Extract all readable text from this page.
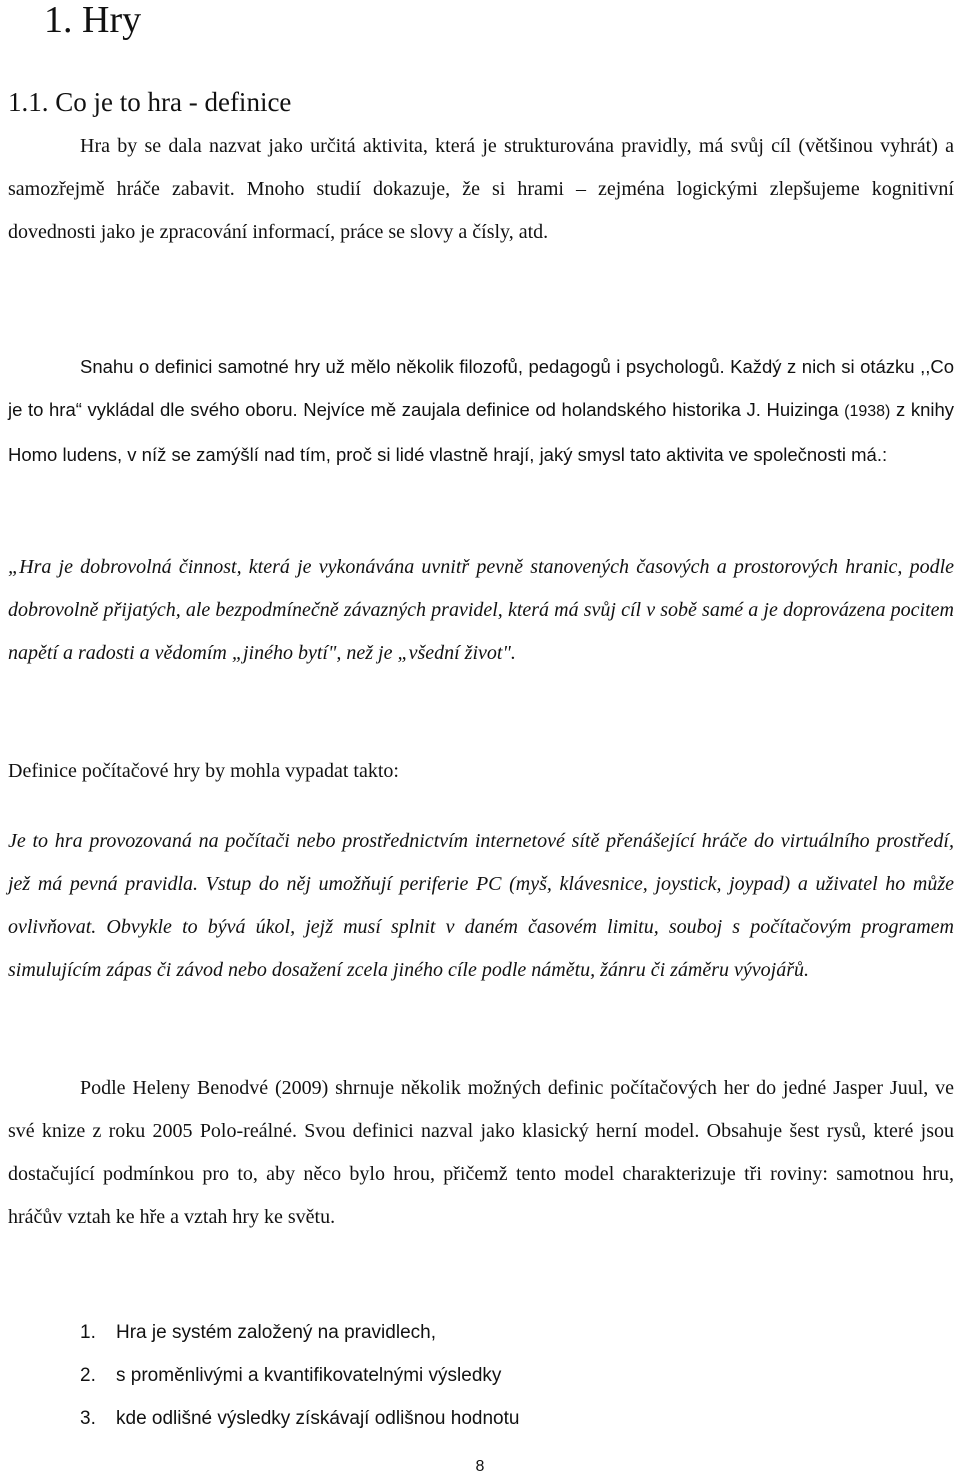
1. Hry
1.1. Co je to hra - definice

Hra by se dala nazvat jako určitá aktivita, která je strukturována pravidly, má svůj cíl (většinou vyhrát) a samozřejmě hráče zabavit. Mnoho studií dokazuje, že si hrami – zejména logickými zlepšujeme kognitivní dovednosti jako je zpracování informací, práce se slovy a čísly, atd.

Snahu o definici samotné hry už mělo několik filozofů, pedagogů i psychologů. Každý z nich si otázku ,,Co je to hra“ vykládal dle svého oboru. Nejvíce mě zaujala definice od holandského historika J. Huizinga (1938) z knihy Homo ludens, v níž se zamýšlí nad tím, proč si lidé vlastně hrají, jaký smysl tato aktivita ve společnosti má.:

„Hra je dobrovolná činnost, která je vykonávána uvnitř pevně stanovených časových a prostorových hranic, podle dobrovolně přijatých, ale bezpodmínečně závazných pravidel, která má svůj cíl v sobě samé a je doprovázena pocitem napětí a radosti a vědomím „jiného bytí", než je „všední život".

Definice počítačové hry by mohla vypadat takto:

Je to hra provozovaná na počítači nebo prostřednictvím internetové sítě přenášející hráče do virtuálního prostředí, jež má pevná pravidla. Vstup do něj umožňují periferie PC (myš, klávesnice, joystick, joypad) a uživatel ho může ovlivňovat. Obvykle to bývá úkol, jejž musí splnit v daném časovém limitu, souboj s počítačovým programem simulujícím zápas či závod nebo dosažení zcela jiného cíle podle námětu, žánru či záměru vývojářů.

Podle Heleny Benodvé (2009) shrnuje několik možných definic počítačových her do jedné Jasper Juul, ve své knize z roku 2005 Polo-reálné. Svou definici nazval jako klasický herní model. Obsahuje šest rysů, které jsou dostačující podmínkou pro to, aby něco bylo hrou, přičemž tento model charakterizuje tři roviny: samotnou hru, hráčův vztah ke hře a vztah hry ke světu.

1. Hra je systém založený na pravidlech,
2. s proměnlivými a kvantifikovatelnými výsledky
3. kde odlišné výsledky získávají odlišnou hodnotu
8
